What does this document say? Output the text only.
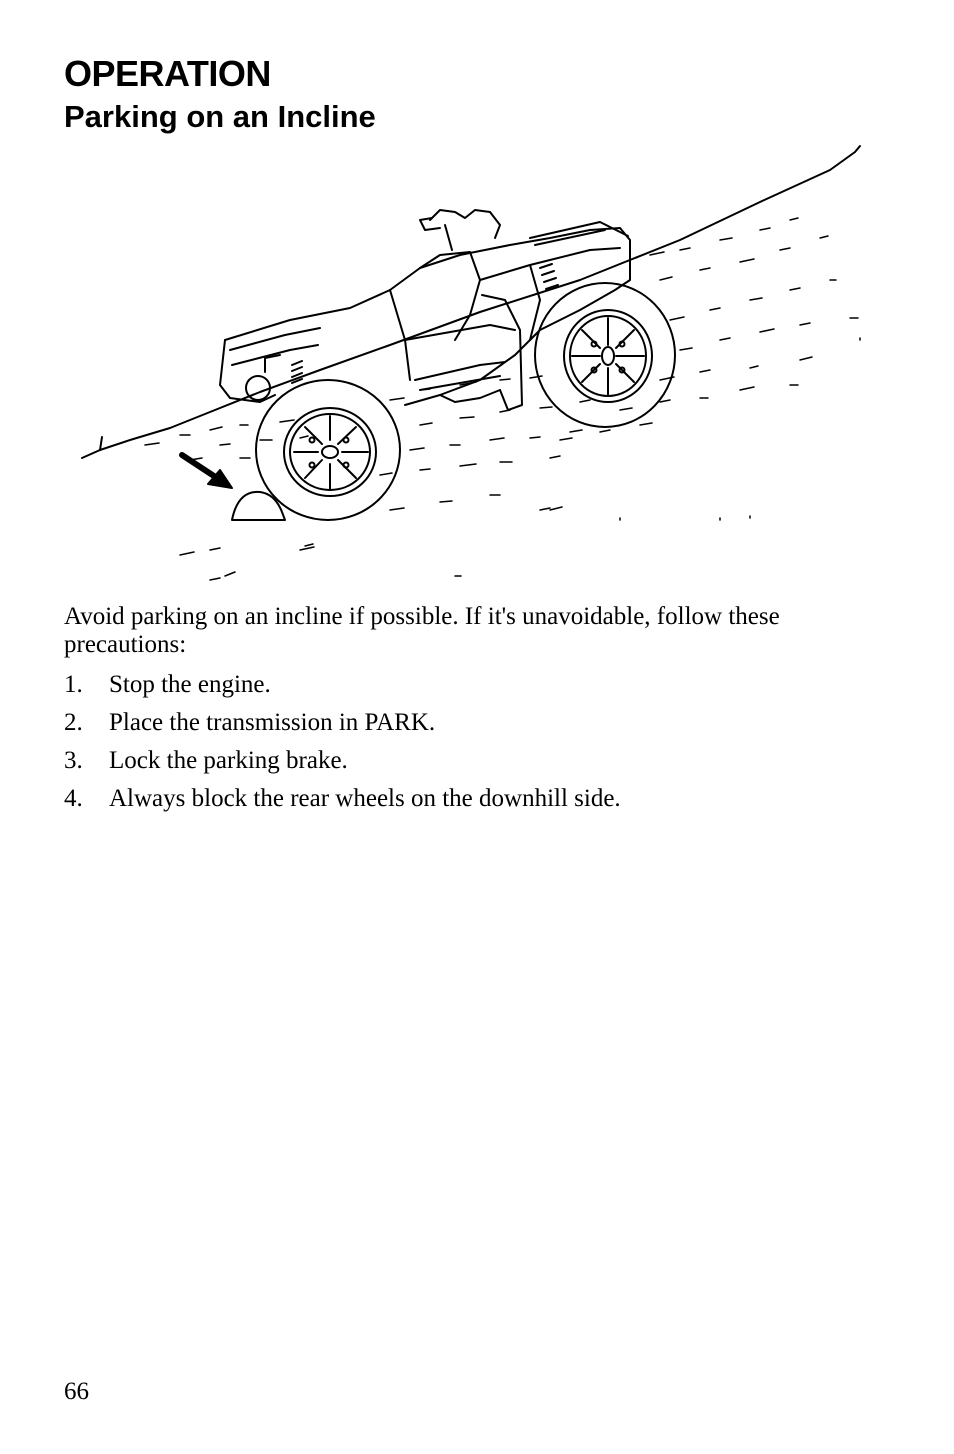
OPERATION
Parking on an Incline

Avoid parking on an incline if possible. If it's unavoidable, follow these precautions:

1.	Stop the engine.
2.	Place the transmission in PARK.
3.	Lock the parking brake.
4.	Always block the rear wheels on the downhill side.
66
